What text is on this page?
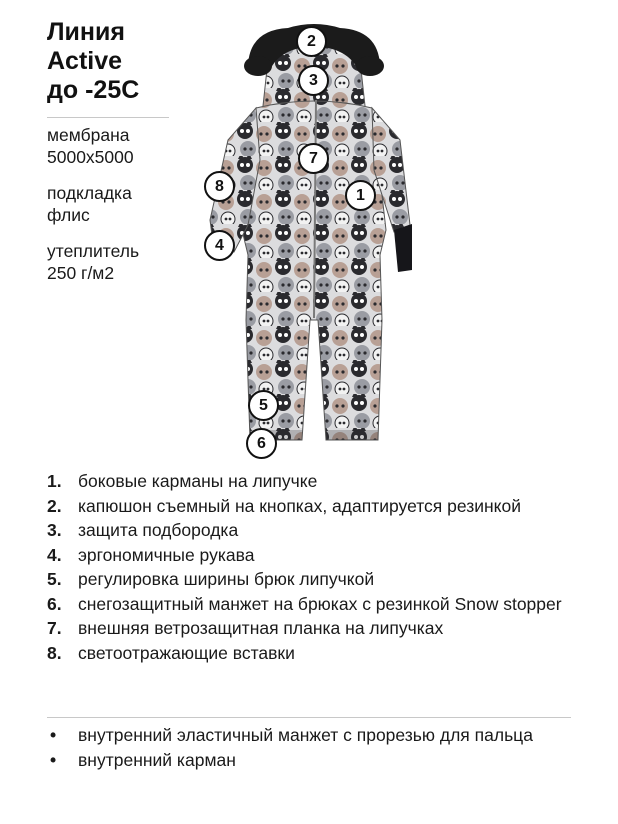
Линия
Active
до -25С
мембрана
5000х5000
подкладка
флис
утеплитель
250 г/м2
2
3
7
8
1
4
5
6
1. боковые карманы на липучке
2. капюшон съемный на кнопках, адаптируется резинкой
3. защита подбородка
4. эргономичные рукава
5. регулировка ширины брюк липучкой
6. снегозащитный манжет на брюках с резинкой Snow stopper
7. внешняя ветрозащитная планка на липучках
8. светоотражающие вставки
• внутренний эластичный манжет с прорезью для пальца
• внутренний карман
